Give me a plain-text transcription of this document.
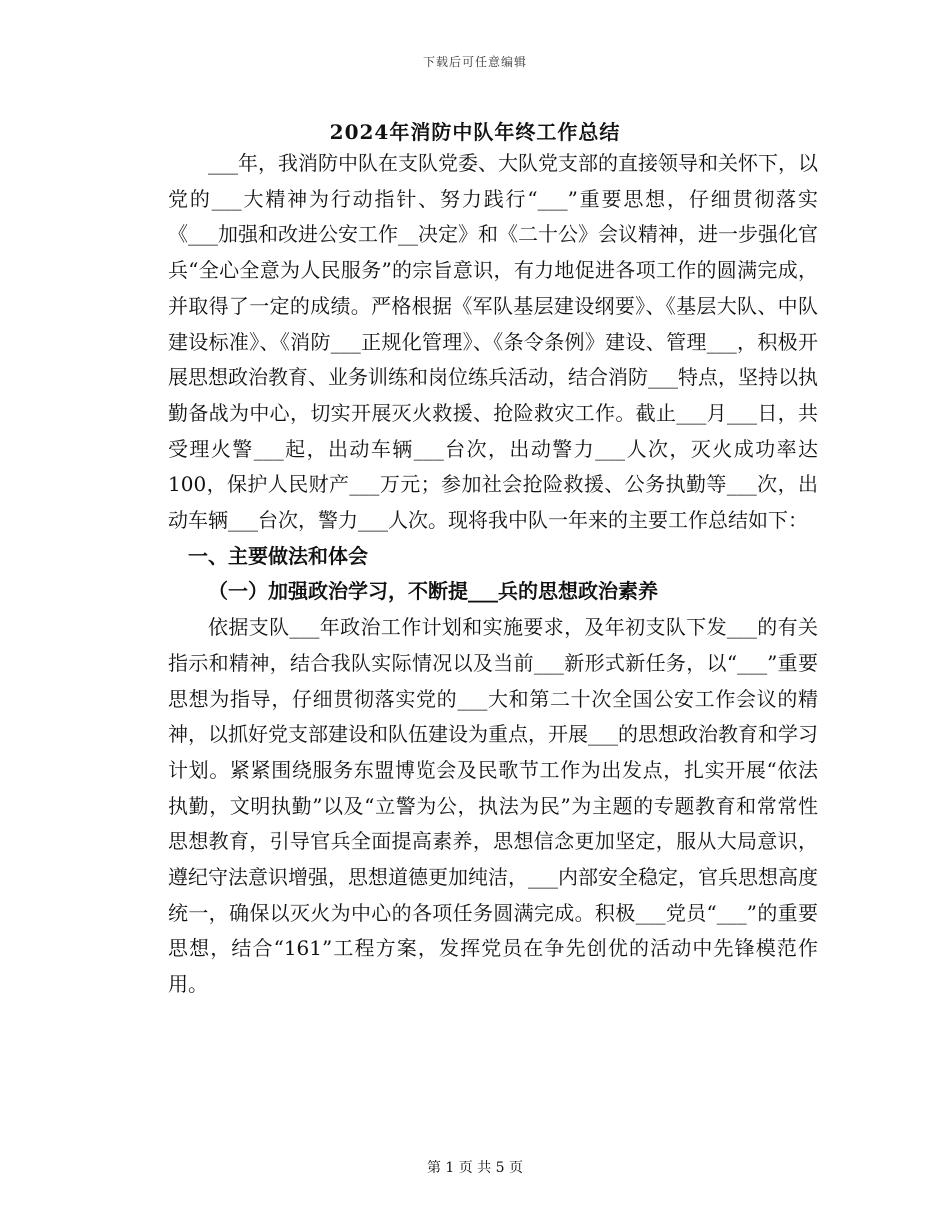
下载后可任意编辑
2024年消防中队年终工作总结

___年，我消防中队在支队党委、大队党支部的直接领导和关怀下，以党的___大精神为行动指针、努力践行“___”重要思想，仔细贯彻落实《___加强和改进公安工作__决定》和《二十公》会议精神，进一步强化官兵“全心全意为人民服务”的宗旨意识，有力地促进各项工作的圆满完成，并取得了一定的成绩。严格根据《军队基层建设纲要》、《基层大队、中队建设标准》、《消防___正规化管理》、《条令条例》建设、管理___，积极开展思想政治教育、业务训练和岗位练兵活动，结合消防___特点，坚持以执勤备战为中心，切实开展灭火救援、抢险救灾工作。截止___月___日，共受理火警___起，出动车辆___台次，出动警力___人次，灭火成功率达100，保护人民财产___万元；参加社会抢险救援、公务执勤等___次，出动车辆___台次，警力___人次。现将我中队一年来的主要工作总结如下：

一、主要做法和体会

（一）加强政治学习，不断提___兵的思想政治素养

依据支队___年政治工作计划和实施要求，及年初支队下发___的有关指示和精神，结合我队实际情况以及当前___新形式新任务，以“___”重要思想为指导，仔细贯彻落实党的___大和第二十次全国公安工作会议的精神，以抓好党支部建设和队伍建设为重点，开展___的思想政治教育和学习计划。紧紧围绕服务东盟博览会及民歌节工作为出发点，扎实开展“依法执勤，文明执勤”以及“立警为公，执法为民”为主题的专题教育和常常性思想教育，引导官兵全面提高素养，思想信念更加坚定，服从大局意识，遵纪守法意识增强，思想道德更加纯洁，___内部安全稳定，官兵思想高度统一，确保以灭火为中心的各项任务圆满完成。积极___党员“___”的重要思想，结合“161”工程方案，发挥党员在争先创优的活动中先锋模范作用。

第 1 页 共 5 页
